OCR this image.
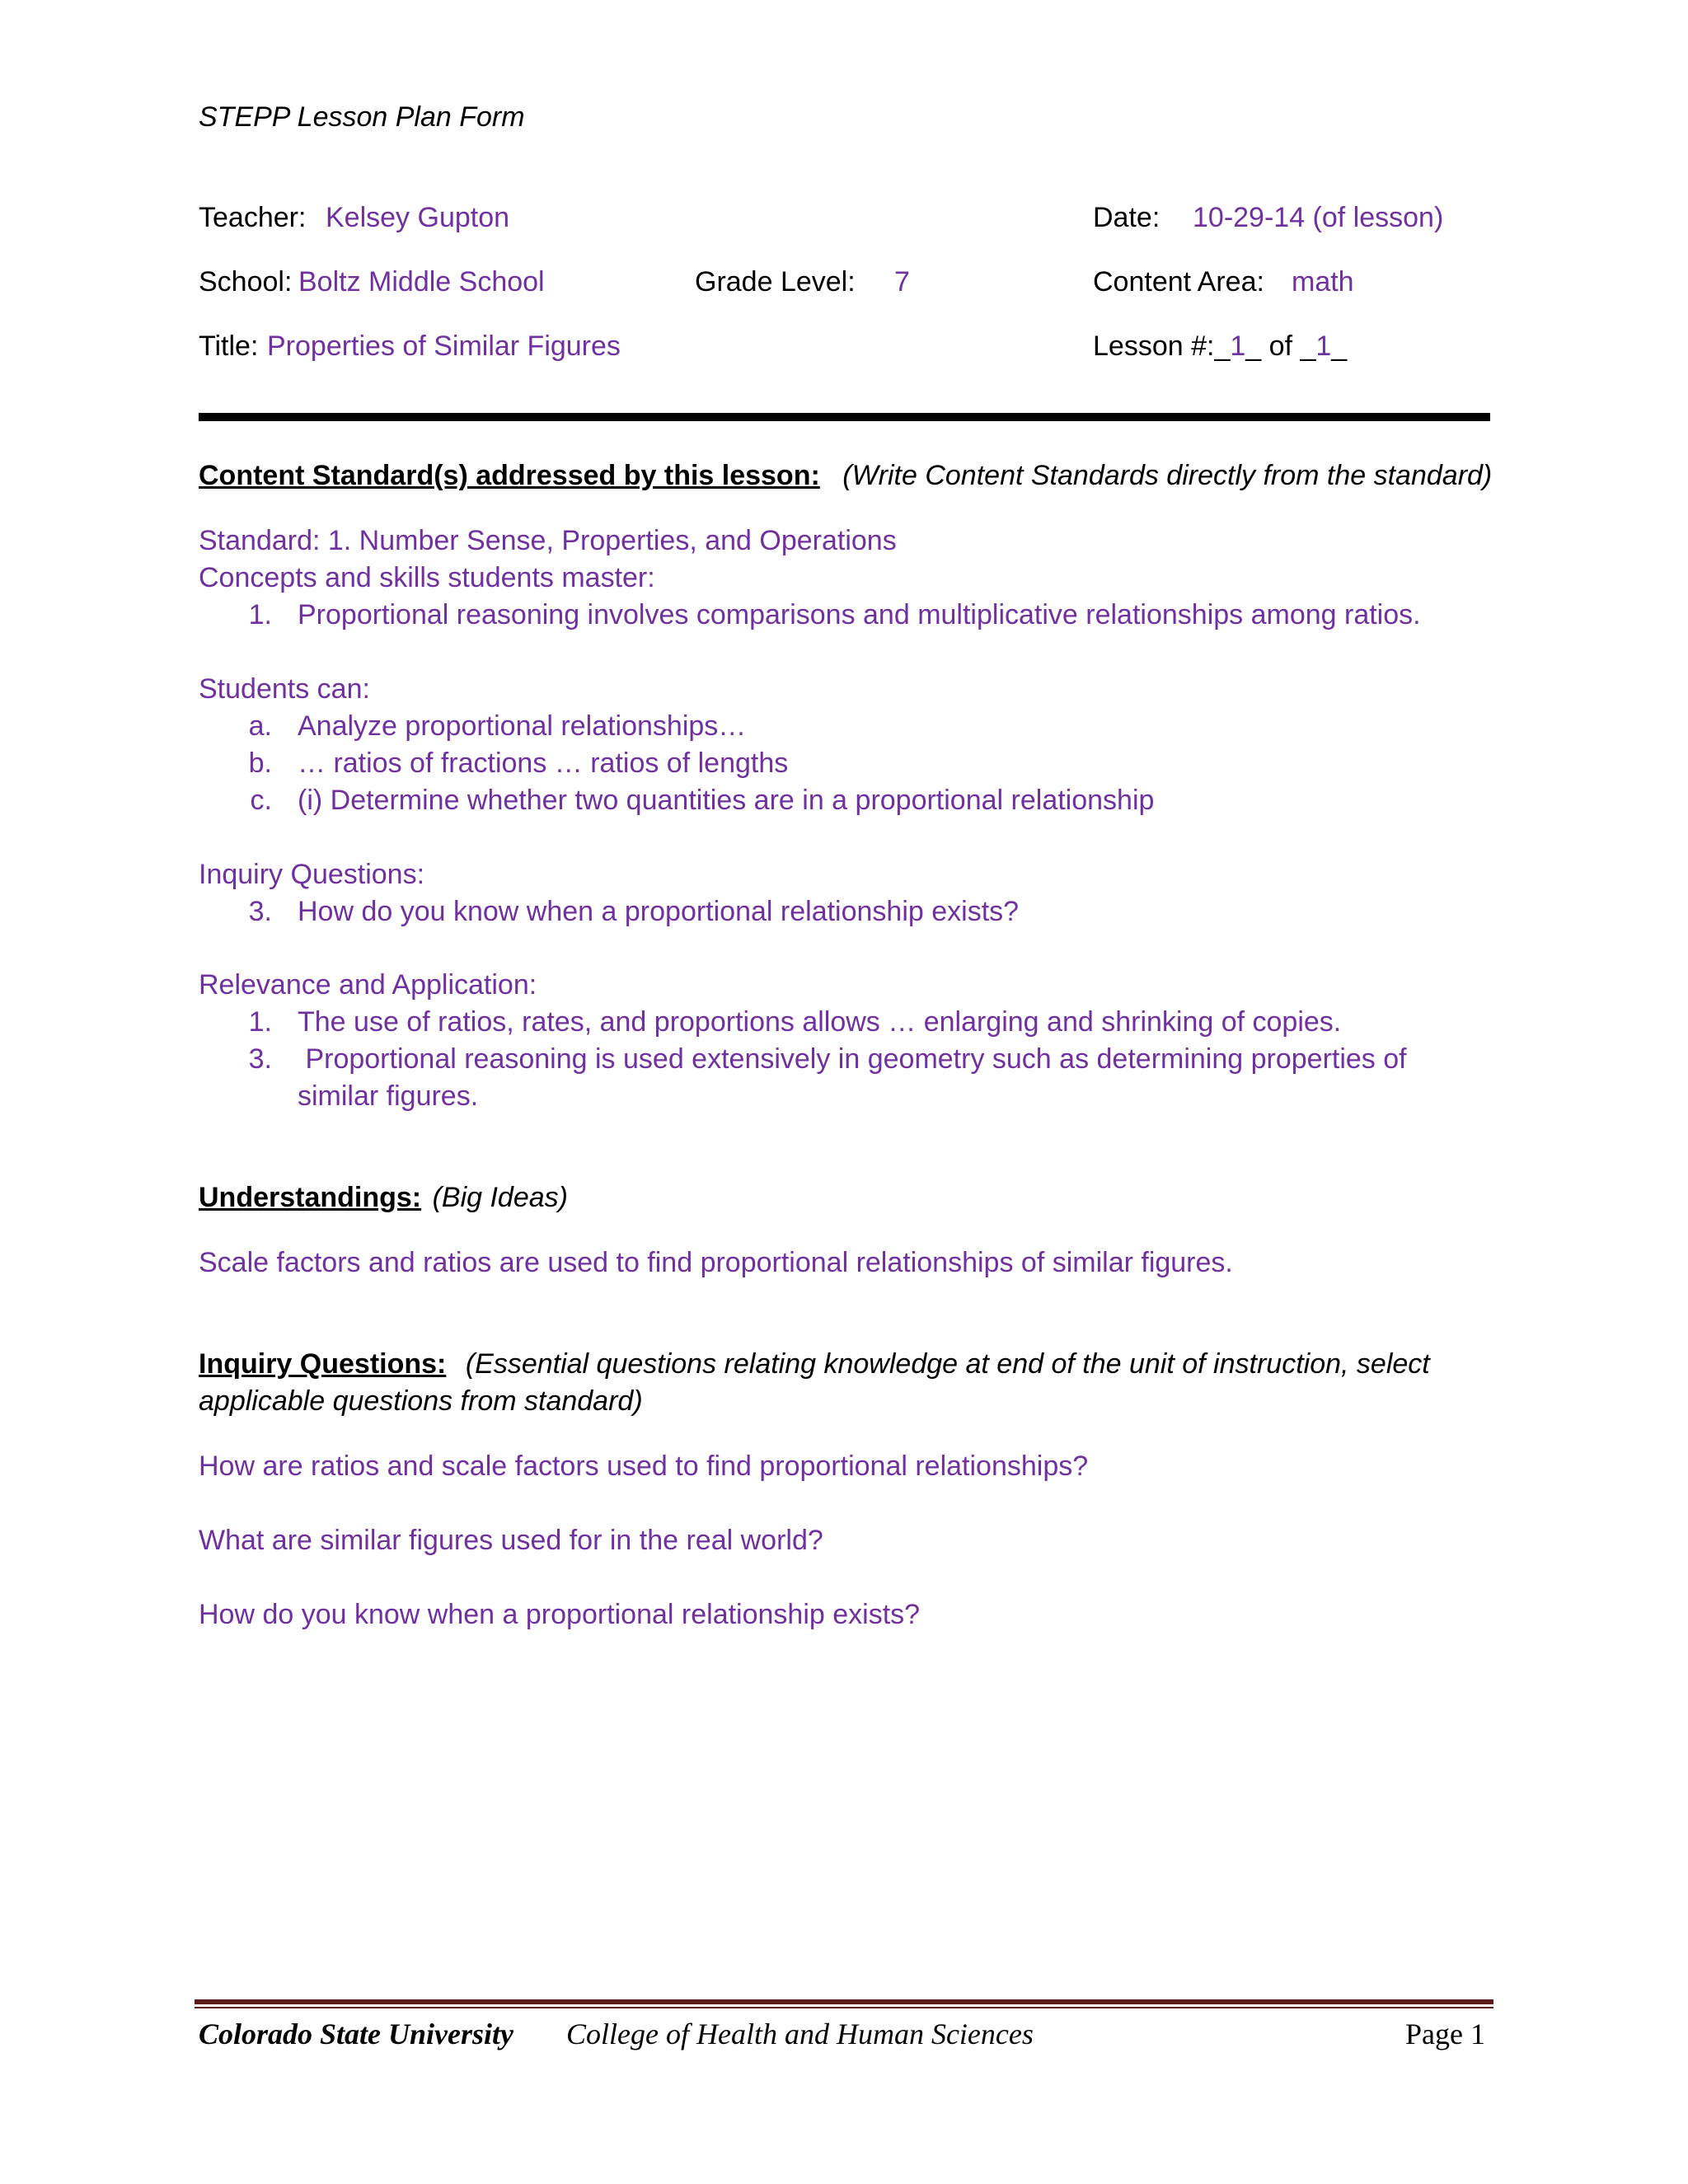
STEPP Lesson Plan Form
Teacher: Kelsey Gupton	Date: 10-29-14 (of lesson)
School: Boltz Middle School	Grade Level: 7	Content Area: math
Title: Properties of Similar Figures	Lesson #:_1_ of _1_
Content Standard(s) addressed by this lesson: (Write Content Standards directly from the standard)
Standard: 1. Number Sense, Properties, and Operations
Concepts and skills students master:
1. Proportional reasoning involves comparisons and multiplicative relationships among ratios.
Students can:
a. Analyze proportional relationships…
b. … ratios of fractions … ratios of lengths
c. (i) Determine whether two quantities are in a proportional relationship
Inquiry Questions:
3. How do you know when a proportional relationship exists?
Relevance and Application:
1. The use of ratios, rates, and proportions allows … enlarging and shrinking of copies.
3. Proportional reasoning is used extensively in geometry such as determining properties of
similar figures.
Understandings: (Big Ideas)
Scale factors and ratios are used to find proportional relationships of similar figures.
Inquiry Questions: (Essential questions relating knowledge at end of the unit of instruction, select
applicable questions from standard)
How are ratios and scale factors used to find proportional relationships?
What are similar figures used for in the real world?
How do you know when a proportional relationship exists?
Colorado State University College of Health and Human Sciences	Page 1
